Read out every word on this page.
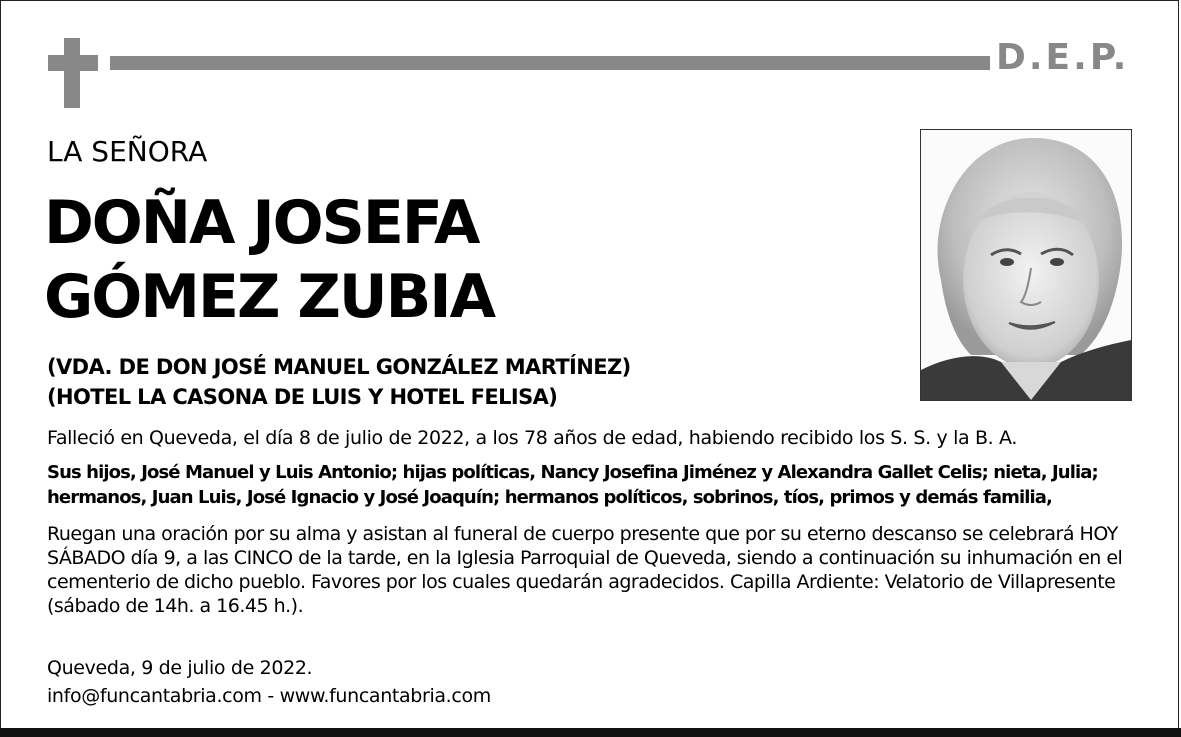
D.E.P.
LA SEÑORA
DOÑA JOSEFA
GÓMEZ ZUBIA
(VDA. DE DON JOSÉ MANUEL GONZÁLEZ MARTÍNEZ)
(HOTEL LA CASONA DE LUIS Y HOTEL FELISA)

Falleció en Queveda, el día 8 de julio de 2022, a los 78 años de edad, habiendo recibido los S. S. y la B. A.

Sus hijos, José Manuel y Luis Antonio; hijas políticas, Nancy Josefina Jiménez y Alexandra Gallet Celis; nieta, Julia; hermanos, Juan Luis, José Ignacio y José Joaquín; hermanos políticos, sobrinos, tíos, primos y demás familia,

Ruegan una oración por su alma y asistan al funeral de cuerpo presente que por su eterno descanso se celebrará HOY SÁBADO día 9, a las CINCO de la tarde, en la Iglesia Parroquial de Queveda, siendo a continuación su inhumación en el cementerio de dicho pueblo. Favores por los cuales quedarán agradecidos. Capilla Ardiente: Velatorio de Villapresente (sábado de 14h. a 16.45 h.).

Queveda, 9 de julio de 2022.

info@funcantabria.com - www.funcantabria.com
